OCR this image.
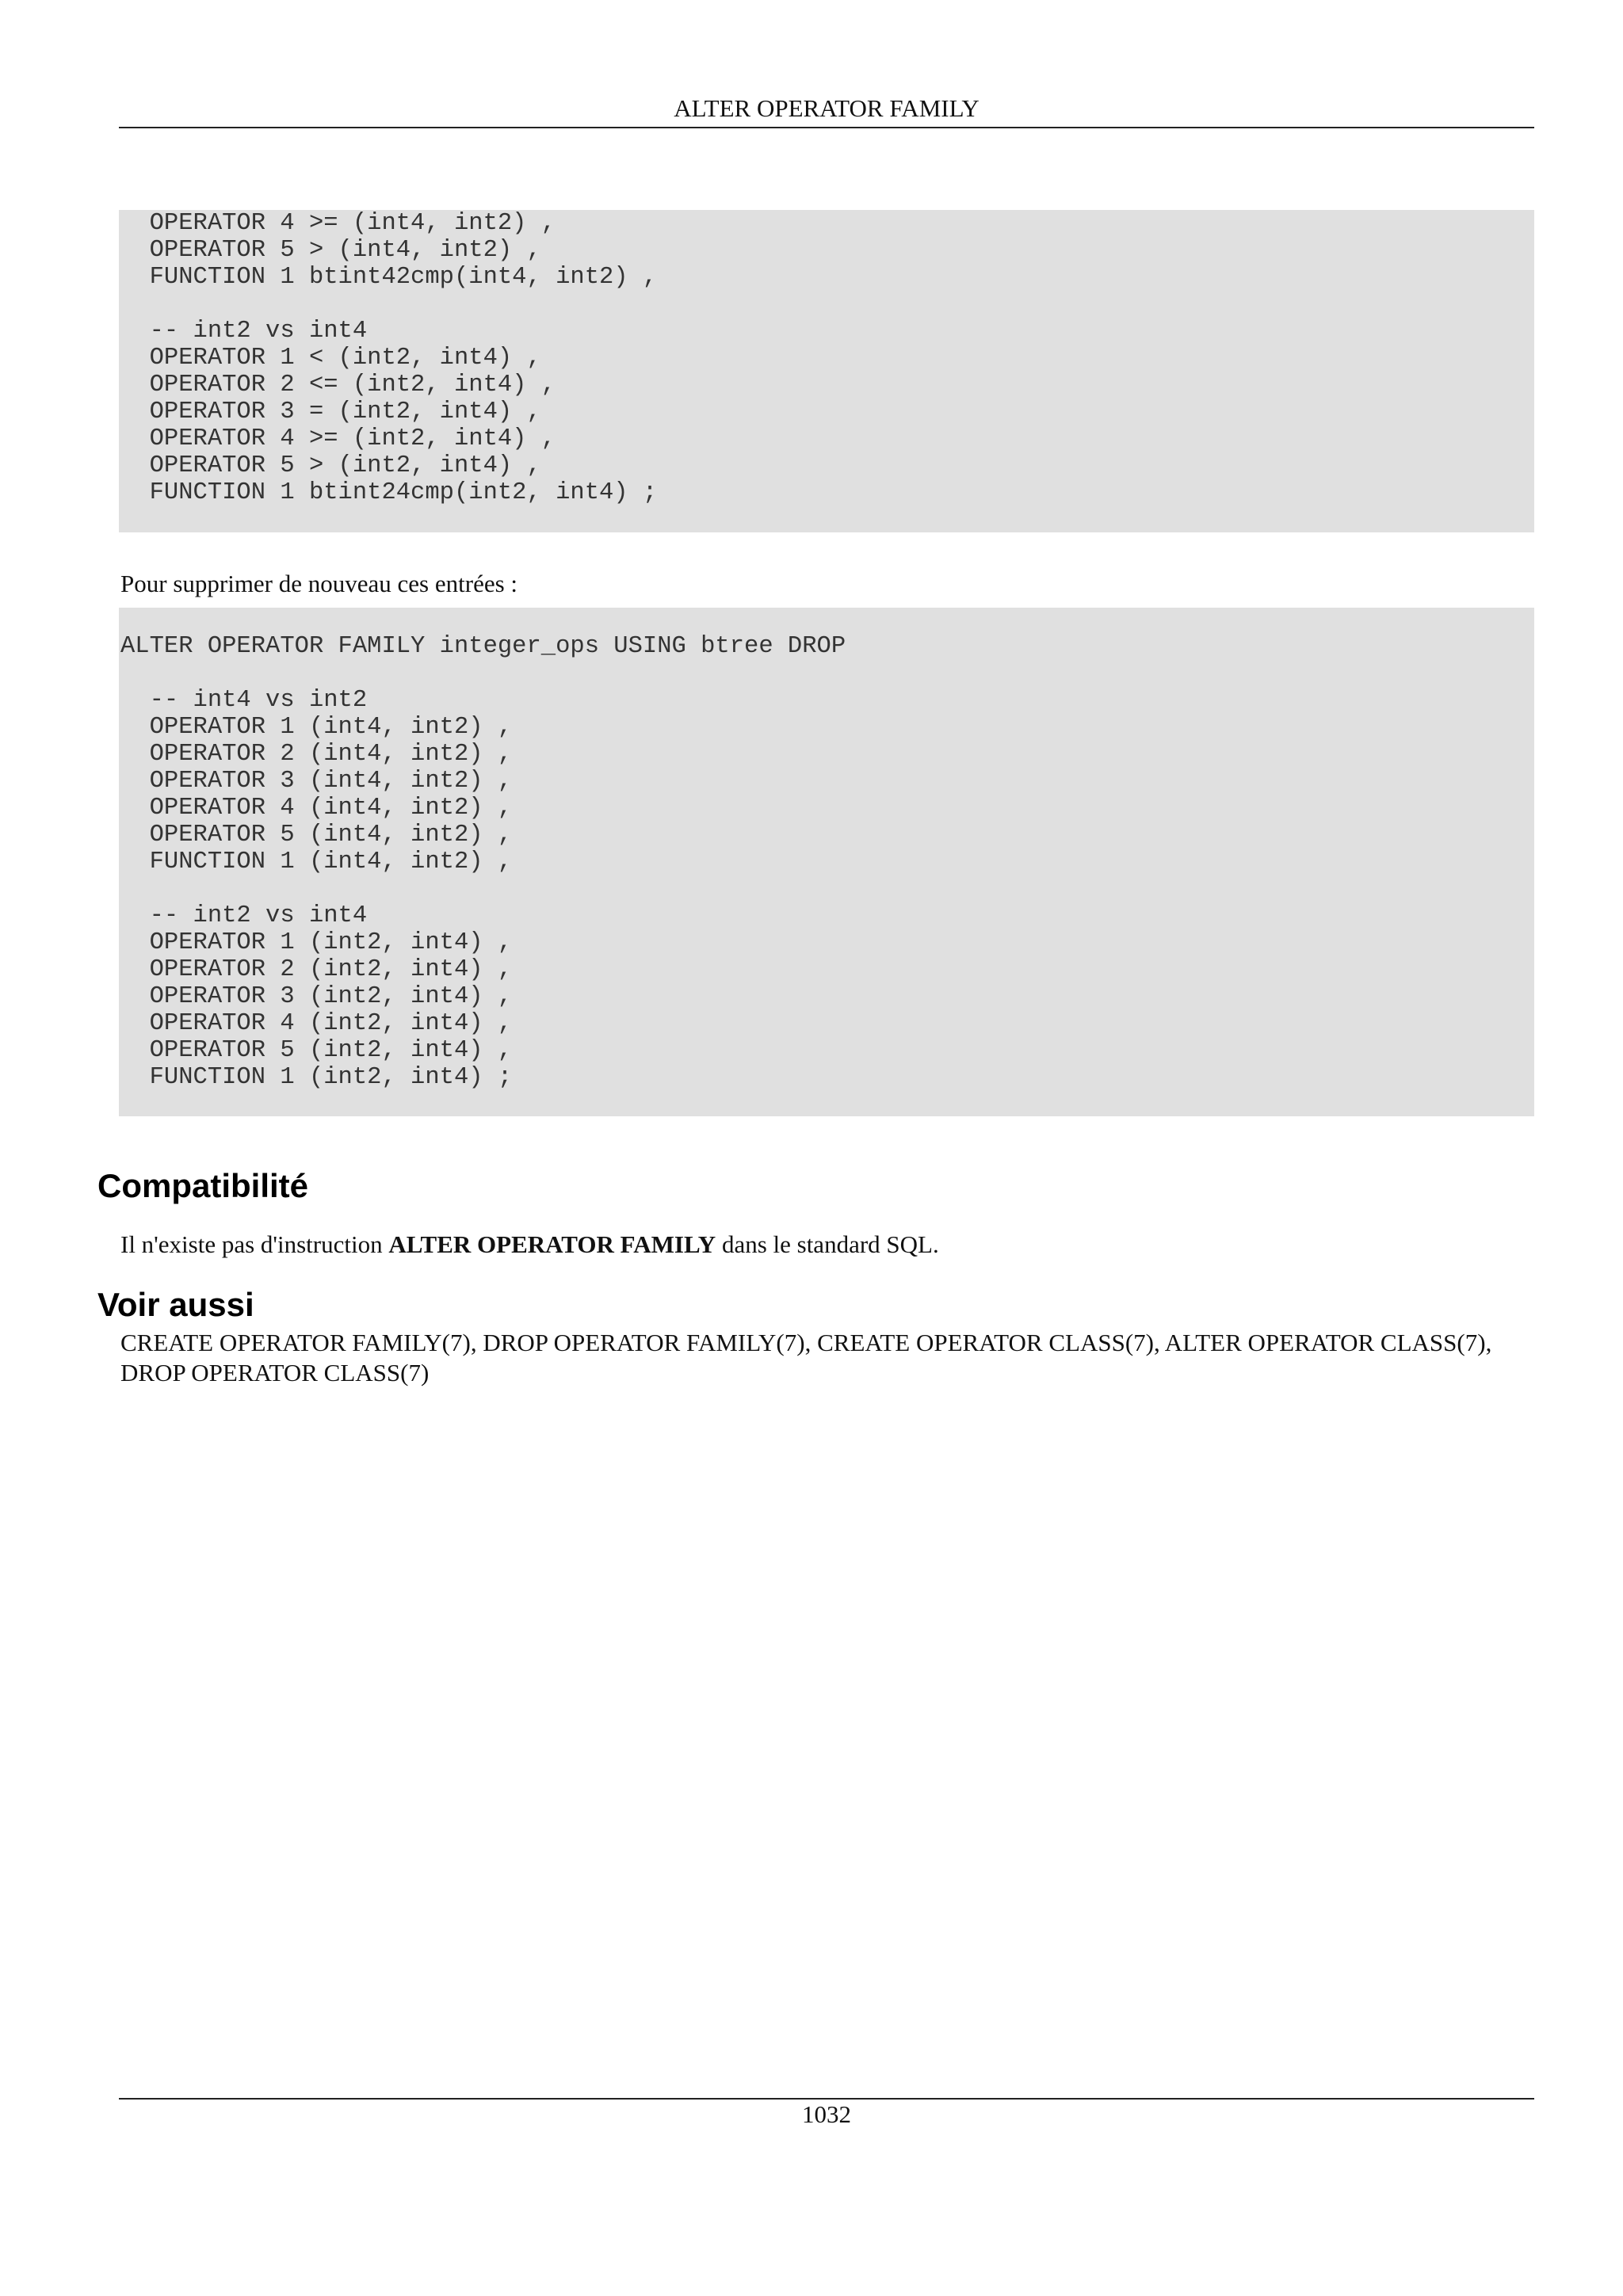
ALTER OPERATOR FAMILY
OPERATOR 4 >= (int4, int2) ,
OPERATOR 5 > (int4, int2) ,
FUNCTION 1 btint42cmp(int4, int2) ,

-- int2 vs int4
OPERATOR 1 < (int2, int4) ,
OPERATOR 2 <= (int2, int4) ,
OPERATOR 3 = (int2, int4) ,
OPERATOR 4 >= (int2, int4) ,
OPERATOR 5 > (int2, int4) ,
FUNCTION 1 btint24cmp(int2, int4) ;
Pour supprimer de nouveau ces entrées :
ALTER OPERATOR FAMILY integer_ops USING btree DROP

-- int4 vs int2
OPERATOR 1 (int4, int2) ,
OPERATOR 2 (int4, int2) ,
OPERATOR 3 (int4, int2) ,
OPERATOR 4 (int4, int2) ,
OPERATOR 5 (int4, int2) ,
FUNCTION 1 (int4, int2) ,

-- int2 vs int4
OPERATOR 1 (int2, int4) ,
OPERATOR 2 (int2, int4) ,
OPERATOR 3 (int2, int4) ,
OPERATOR 4 (int2, int4) ,
OPERATOR 5 (int2, int4) ,
FUNCTION 1 (int2, int4) ;
Compatibilité
Il n'existe pas d'instruction ALTER OPERATOR FAMILY dans le standard SQL.
Voir aussi
CREATE OPERATOR FAMILY(7), DROP OPERATOR FAMILY(7), CREATE OPERATOR CLASS(7), ALTER OPERATOR CLASS(7), DROP OPERATOR CLASS(7)
1032
